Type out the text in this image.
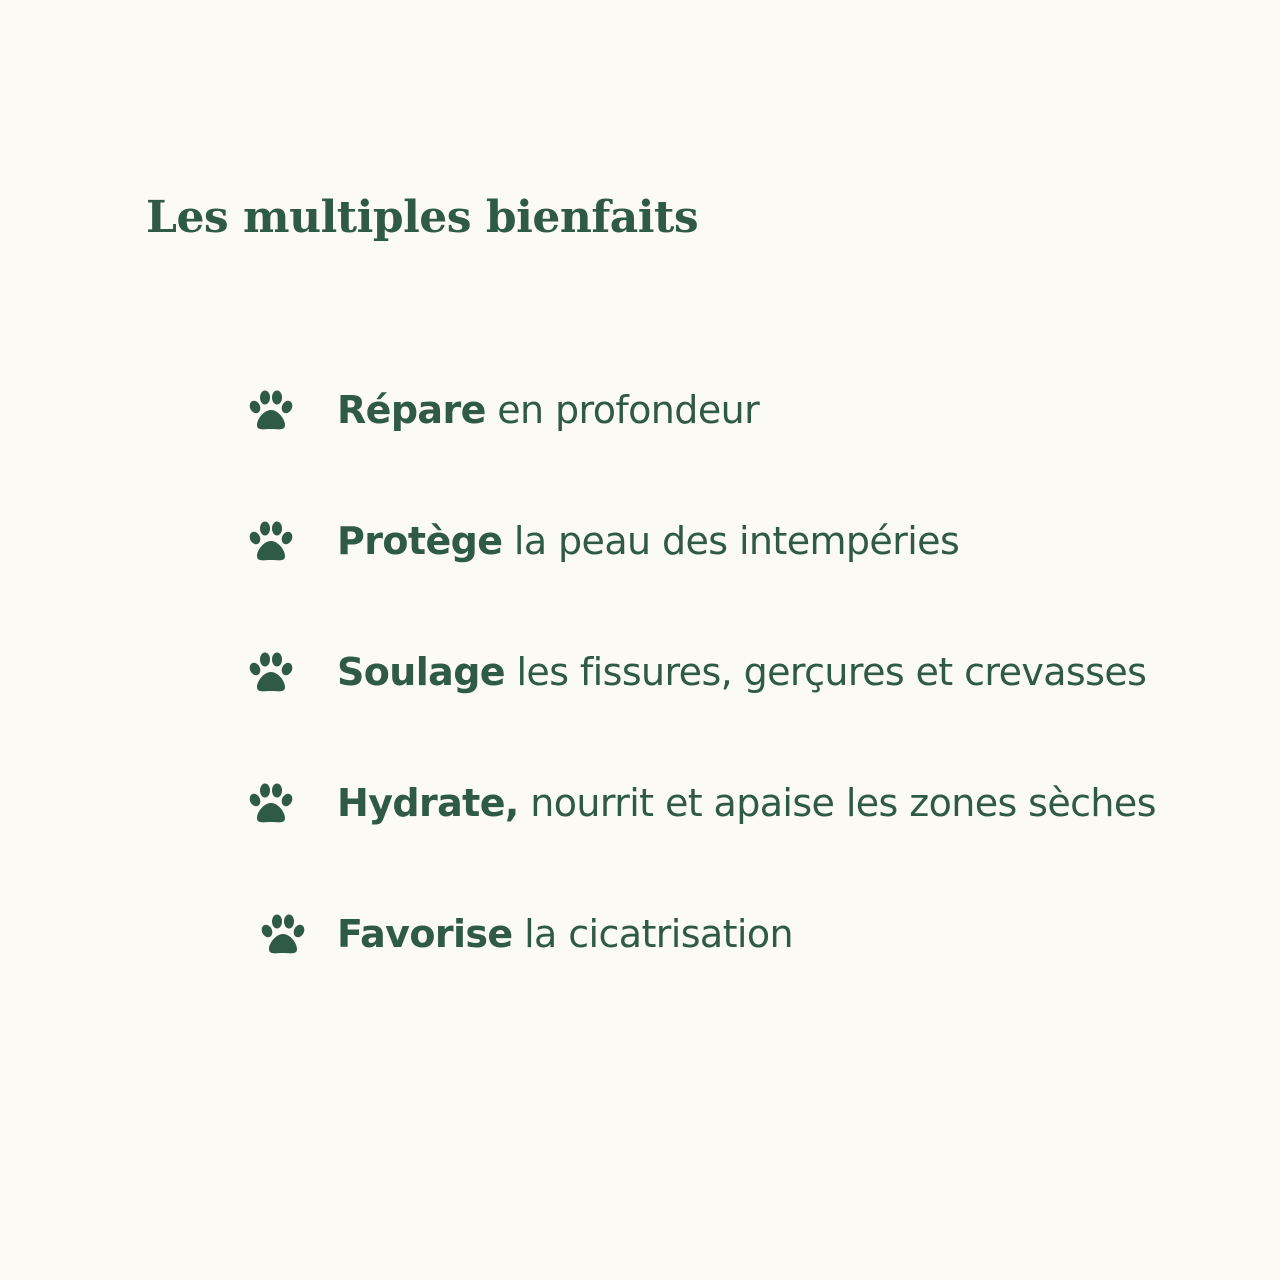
Les multiples bienfaits
Répare en profondeur
Protège la peau des intempéries
Soulage les fissures, gerçures et crevasses
Hydrate, nourrit et apaise les zones sèches
Favorise la cicatrisation
